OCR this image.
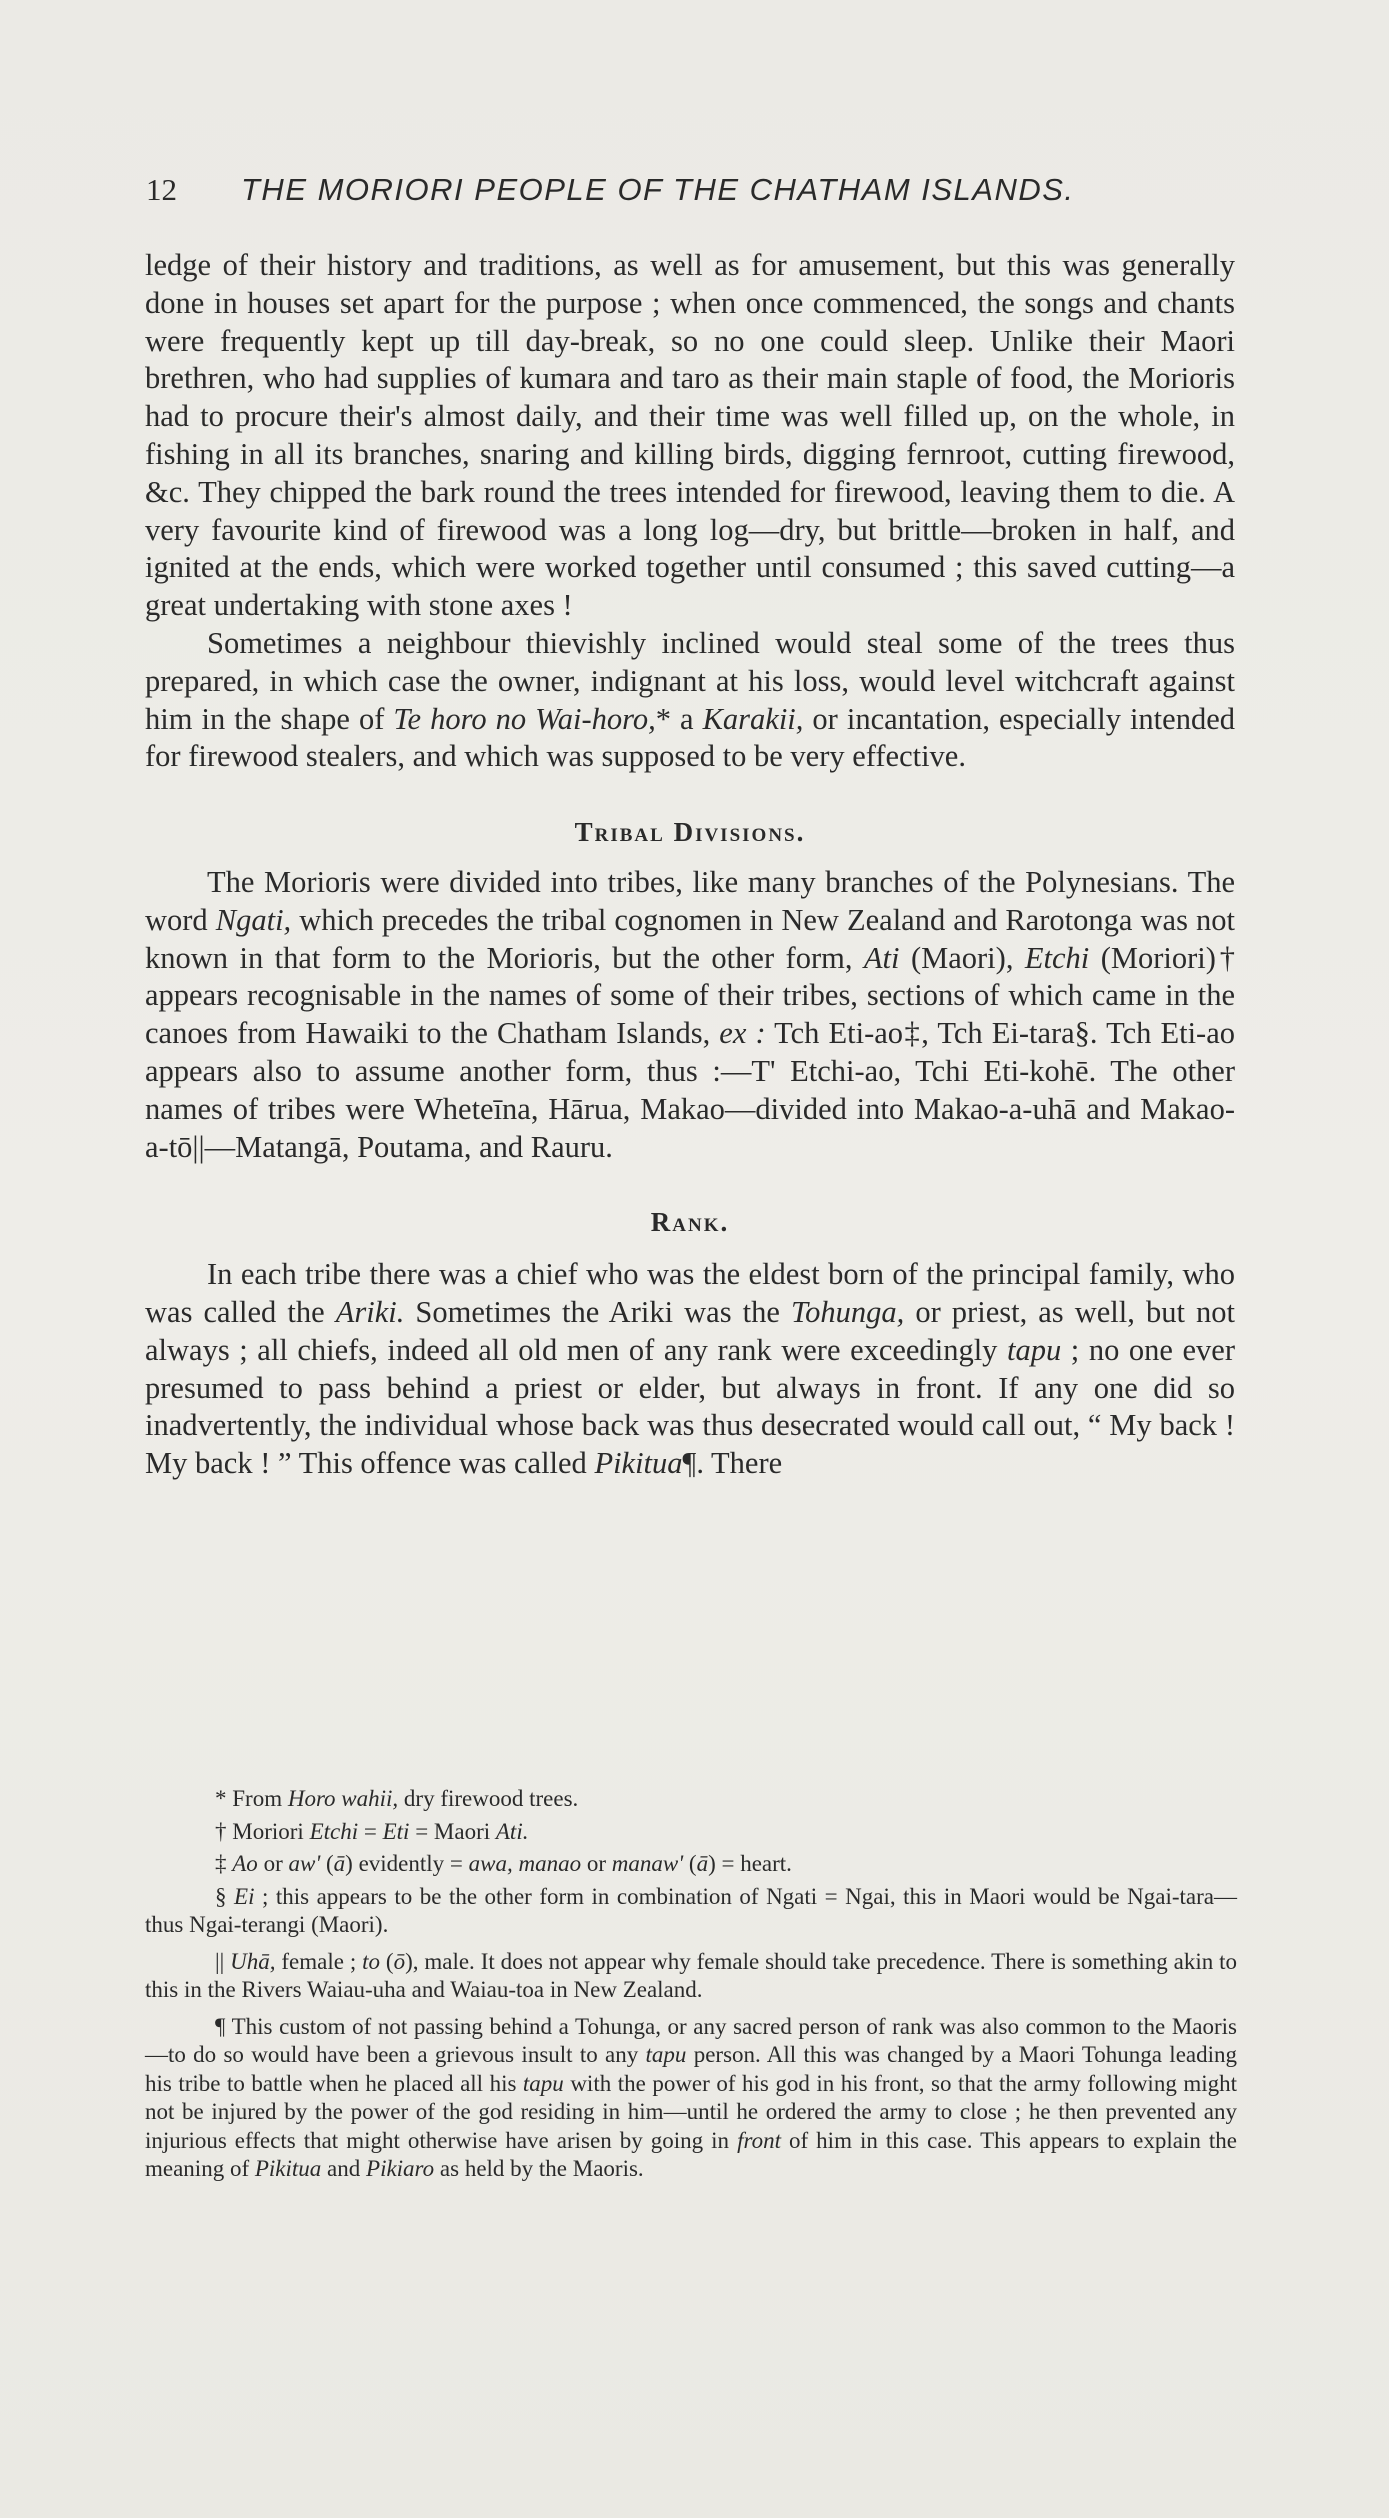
12 THE MORIORI PEOPLE OF THE CHATHAM ISLANDS.

ledge of their history and traditions, as well as for amusement, but this was generally done in houses set apart for the purpose ; when once commenced, the songs and chants were frequently kept up till day-break, so no one could sleep. Unlike their Maori brethren, who had supplies of kumara and taro as their main staple of food, the Morioris had to procure their's almost daily, and their time was well filled up, on the whole, in fishing in all its branches, snaring and killing birds, digging fernroot, cutting firewood, &c. They chipped the bark round the trees intended for firewood, leaving them to die. A very favourite kind of firewood was a long log—dry, but brittle—broken in half, and ignited at the ends, which were worked together until consumed ; this saved cutting—a great undertaking with stone axes !

Sometimes a neighbour thievishly inclined would steal some of the trees thus prepared, in which case the owner, indignant at his loss, would level witchcraft against him in the shape of Te horo no Wai-horo,* a Karakii, or incantation, especially intended for firewood stealers, and which was supposed to be very effective.

Tribal Divisions.

The Morioris were divided into tribes, like many branches of the Polynesians. The word Ngati, which precedes the tribal cognomen in New Zealand and Rarotonga was not known in that form to the Morioris, but the other form, Ati (Maori), Etchi (Moriori)† appears recognisable in the names of some of their tribes, sections of which came in the canoes from Hawaiki to the Chatham Islands, ex : Tch Eti-ao‡, Tch Ei-tara§. Tch Eti-ao appears also to assume another form, thus :—T' Etchi-ao, Tchi Eti-kohē. The other names of tribes were Wheteīna, Hārua, Makao—divided into Makao-a-uhā and Makao-a-tō||—Matangā, Poutama, and Rauru.

Rank.

In each tribe there was a chief who was the eldest born of the principal family, who was called the Ariki. Sometimes the Ariki was the Tohunga, or priest, as well, but not always ; all chiefs, indeed all old men of any rank were exceedingly tapu ; no one ever presumed to pass behind a priest or elder, but always in front. If any one did so inadvertently, the individual whose back was thus desecrated would call out, “ My back ! My back ! ” This offence was called Pikitua¶. There

* From Horo wahii, dry firewood trees.

† Moriori Etchi = Eti = Maori Ati.

‡ Ao or aw' (ā) evidently = awa, manao or manaw' (ā) = heart.

§ Ei ; this appears to be the other form in combination of Ngati = Ngai, this in Maori would be Ngai-tara—thus Ngai-terangi (Maori).

|| Uhā, female ; to (ō), male. It does not appear why female should take precedence. There is something akin to this in the Rivers Waiau-uha and Waiau-toa in New Zealand.

¶ This custom of not passing behind a Tohunga, or any sacred person of rank was also common to the Maoris—to do so would have been a grievous insult to any tapu person. All this was changed by a Maori Tohunga leading his tribe to battle when he placed all his tapu with the power of his god in his front, so that the army following might not be injured by the power of the god residing in him—until he ordered the army to close ; he then prevented any injurious effects that might otherwise have arisen by going in front of him in this case. This appears to explain the meaning of Pikitua and Pikiaro as held by the Maoris.
